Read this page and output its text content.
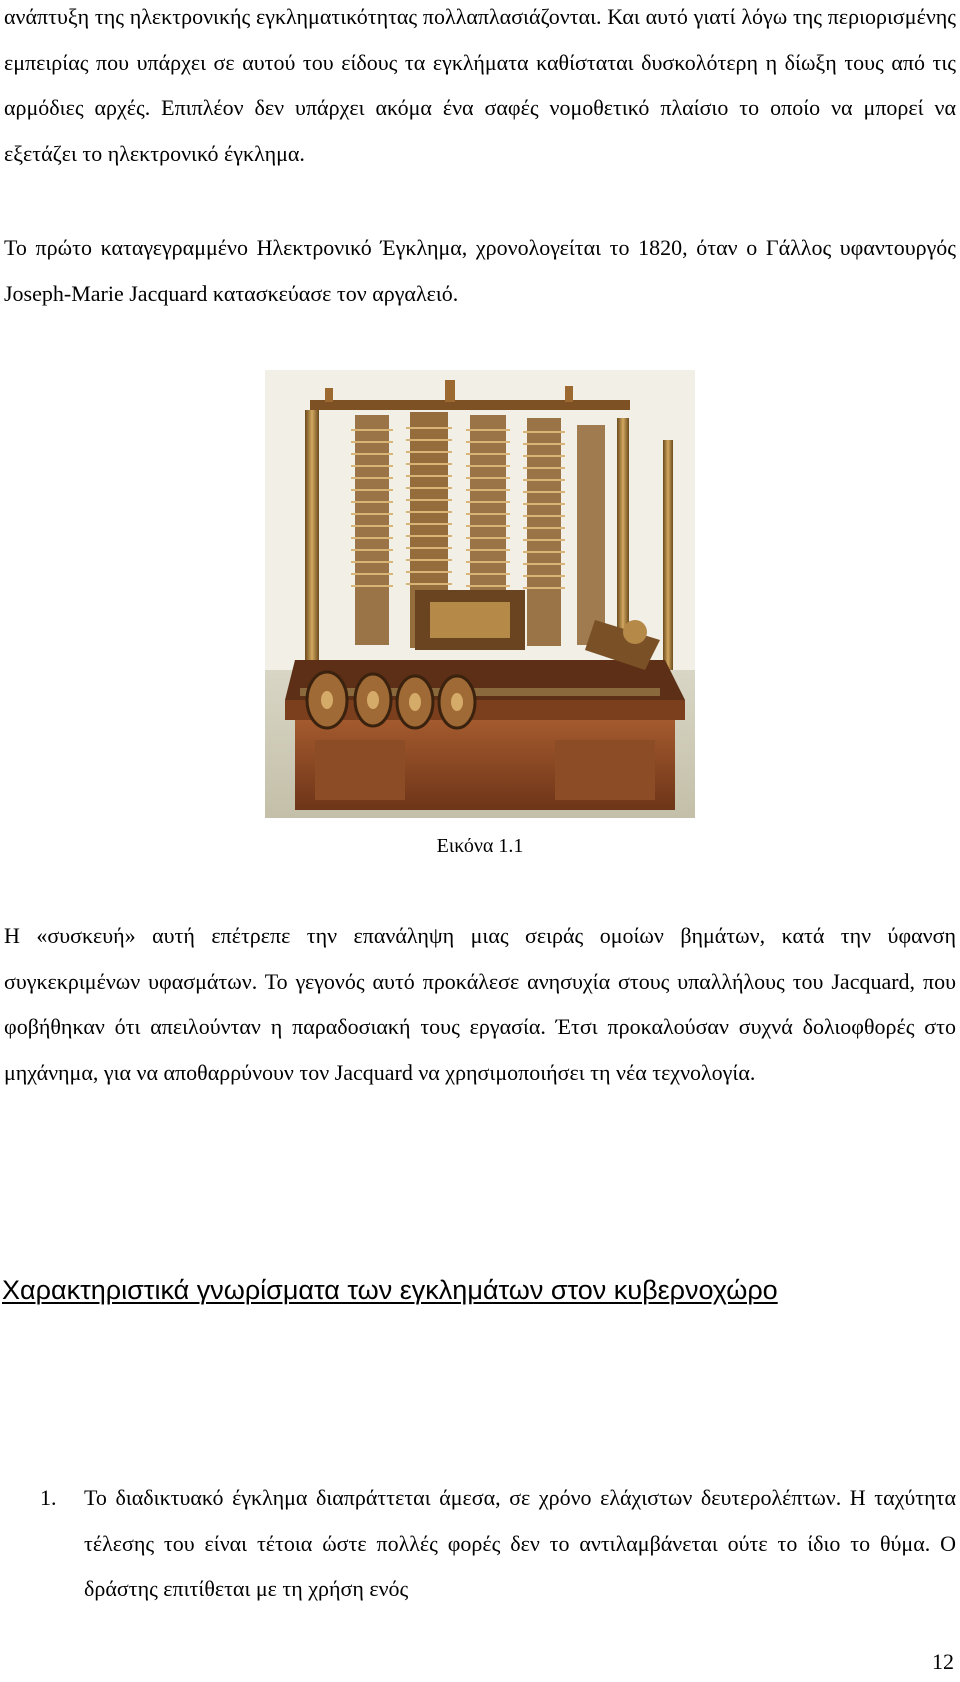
ανάπτυξη της ηλεκτρονικής εγκληματικότητας πολλαπλασιάζονται. Και αυτό γιατί λόγω της περιορισμένης εμπειρίας που υπάρχει σε αυτού του είδους τα εγκλήματα καθίσταται δυσκολότερη η δίωξη τους από τις αρμόδιες αρχές. Επιπλέον δεν υπάρχει ακόμα ένα σαφές νομοθετικό πλαίσιο το οποίο να μπορεί να εξετάζει το ηλεκτρονικό έγκλημα.

Το πρώτο καταγεγραμμένο Ηλεκτρονικό Έγκλημα, χρονολογείται το 1820, όταν ο Γάλλος υφαντουργός Joseph-Marie Jacquard κατασκεύασε τον αργαλειό.

Εικόνα 1.1

Η «συσκευή» αυτή επέτρεπε την επανάληψη μιας σειράς ομοίων βημάτων, κατά την ύφανση συγκεκριμένων υφασμάτων. Το γεγονός αυτό προκάλεσε ανησυχία στους υπαλλήλους του Jacquard, που φοβήθηκαν ότι απειλούνταν η παραδοσιακή τους εργασία. Έτσι προκαλούσαν συχνά δολιοφθορές στο μηχάνημα, για να αποθαρρύνουν τον Jacquard να χρησιμοποιήσει τη νέα τεχνολογία.

Χαρακτηριστικά γνωρίσματα των εγκλημάτων στον κυβερνοχώρο
1.	Το διαδικτυακό έγκλημα διαπράττεται άμεσα, σε χρόνο ελάχιστων δευτερολέπτων. Η ταχύτητα τέλεσης του είναι τέτοια ώστε πολλές φορές δεν το αντιλαμβάνεται ούτε το ίδιο το θύμα. Ο δράστης επιτίθεται με τη χρήση ενός

12
